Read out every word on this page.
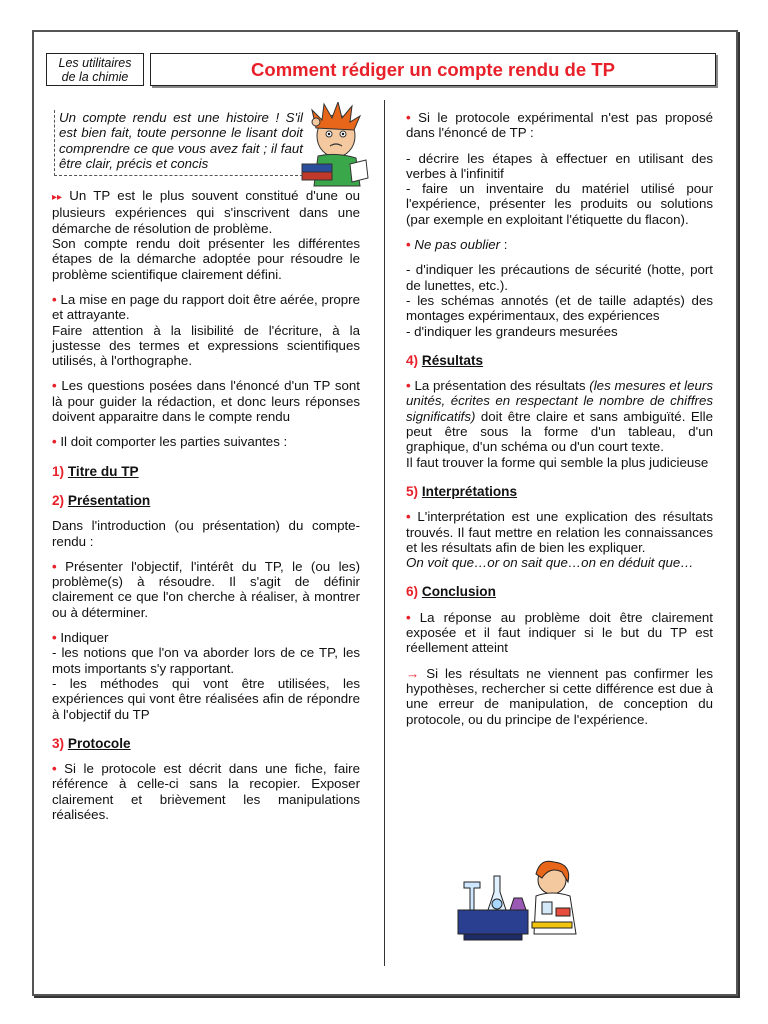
Les utilitaires
de la chimie	Comment rédiger un compte rendu de TP
Un compte rendu est une histoire ! S'il est bien fait, toute personne le lisant doit comprendre ce que vous avez fait ; il faut être clair, précis et concis

▸▸ Un TP est le plus souvent constitué d'une ou plusieurs expériences qui s'inscrivent dans une démarche de résolution de problème.
Son compte rendu doit présenter les différentes étapes de la démarche adoptée pour résoudre le problème scientifique clairement défini.

• La mise en page du rapport doit être aérée, propre et attrayante.
Faire attention à la lisibilité de l'écriture, à la justesse des termes et expressions scientifiques utilisés, à l'orthographe.

• Les questions posées dans l'énoncé d'un TP sont là pour guider la rédaction, et donc leurs réponses doivent apparaitre dans le compte rendu

• Il doit comporter les parties suivantes :

1) Titre du TP
2) Présentation

Dans l'introduction (ou présentation) du compte-rendu :

• Présenter l'objectif, l'intérêt du TP, le (ou les) problème(s) à résoudre. Il s'agit de définir clairement ce que l'on cherche à réaliser, à montrer ou à déterminer.

• Indiquer
- les notions que l'on va aborder lors de ce TP, les mots importants s'y rapportant.
- les méthodes qui vont être utilisées, les expériences qui vont être réalisées afin de répondre à l'objectif du TP

3) Protocole

• Si le protocole est décrit dans une fiche, faire référence à celle-ci sans la recopier. Exposer clairement et brièvement les manipulations réalisées.

• Si le protocole expérimental n'est pas proposé dans l'énoncé de TP :

- décrire les étapes à effectuer en utilisant des verbes à l'infinitif
- faire un inventaire du matériel utilisé pour l'expérience, présenter les produits ou solutions (par exemple en exploitant l'étiquette du flacon).

• Ne pas oublier :

- d'indiquer les précautions de sécurité (hotte, port de lunettes, etc.).
- les schémas annotés (et de taille adaptés) des montages expérimentaux, des expériences
- d'indiquer les grandeurs mesurées

4) Résultats

• La présentation des résultats (les mesures et leurs unités, écrites en respectant le nombre de chiffres significatifs) doit être claire et sans ambiguïté. Elle peut être sous la forme d'un tableau, d'un graphique, d'un schéma ou d'un court texte.
Il faut trouver la forme qui semble la plus judicieuse

5) Interprétations

• L'interprétation est une explication des résultats trouvés. Il faut mettre en relation les connaissances et les résultats afin de bien les expliquer.
On voit que…or on sait que…on en déduit que…

6) Conclusion

• La réponse au problème doit être clairement exposée et il faut indiquer si le but du TP est réellement atteint

→ Si les résultats ne viennent pas confirmer les hypothèses, rechercher si cette différence est due à une erreur de manipulation, de conception du protocole, ou du principe de l'expérience.
